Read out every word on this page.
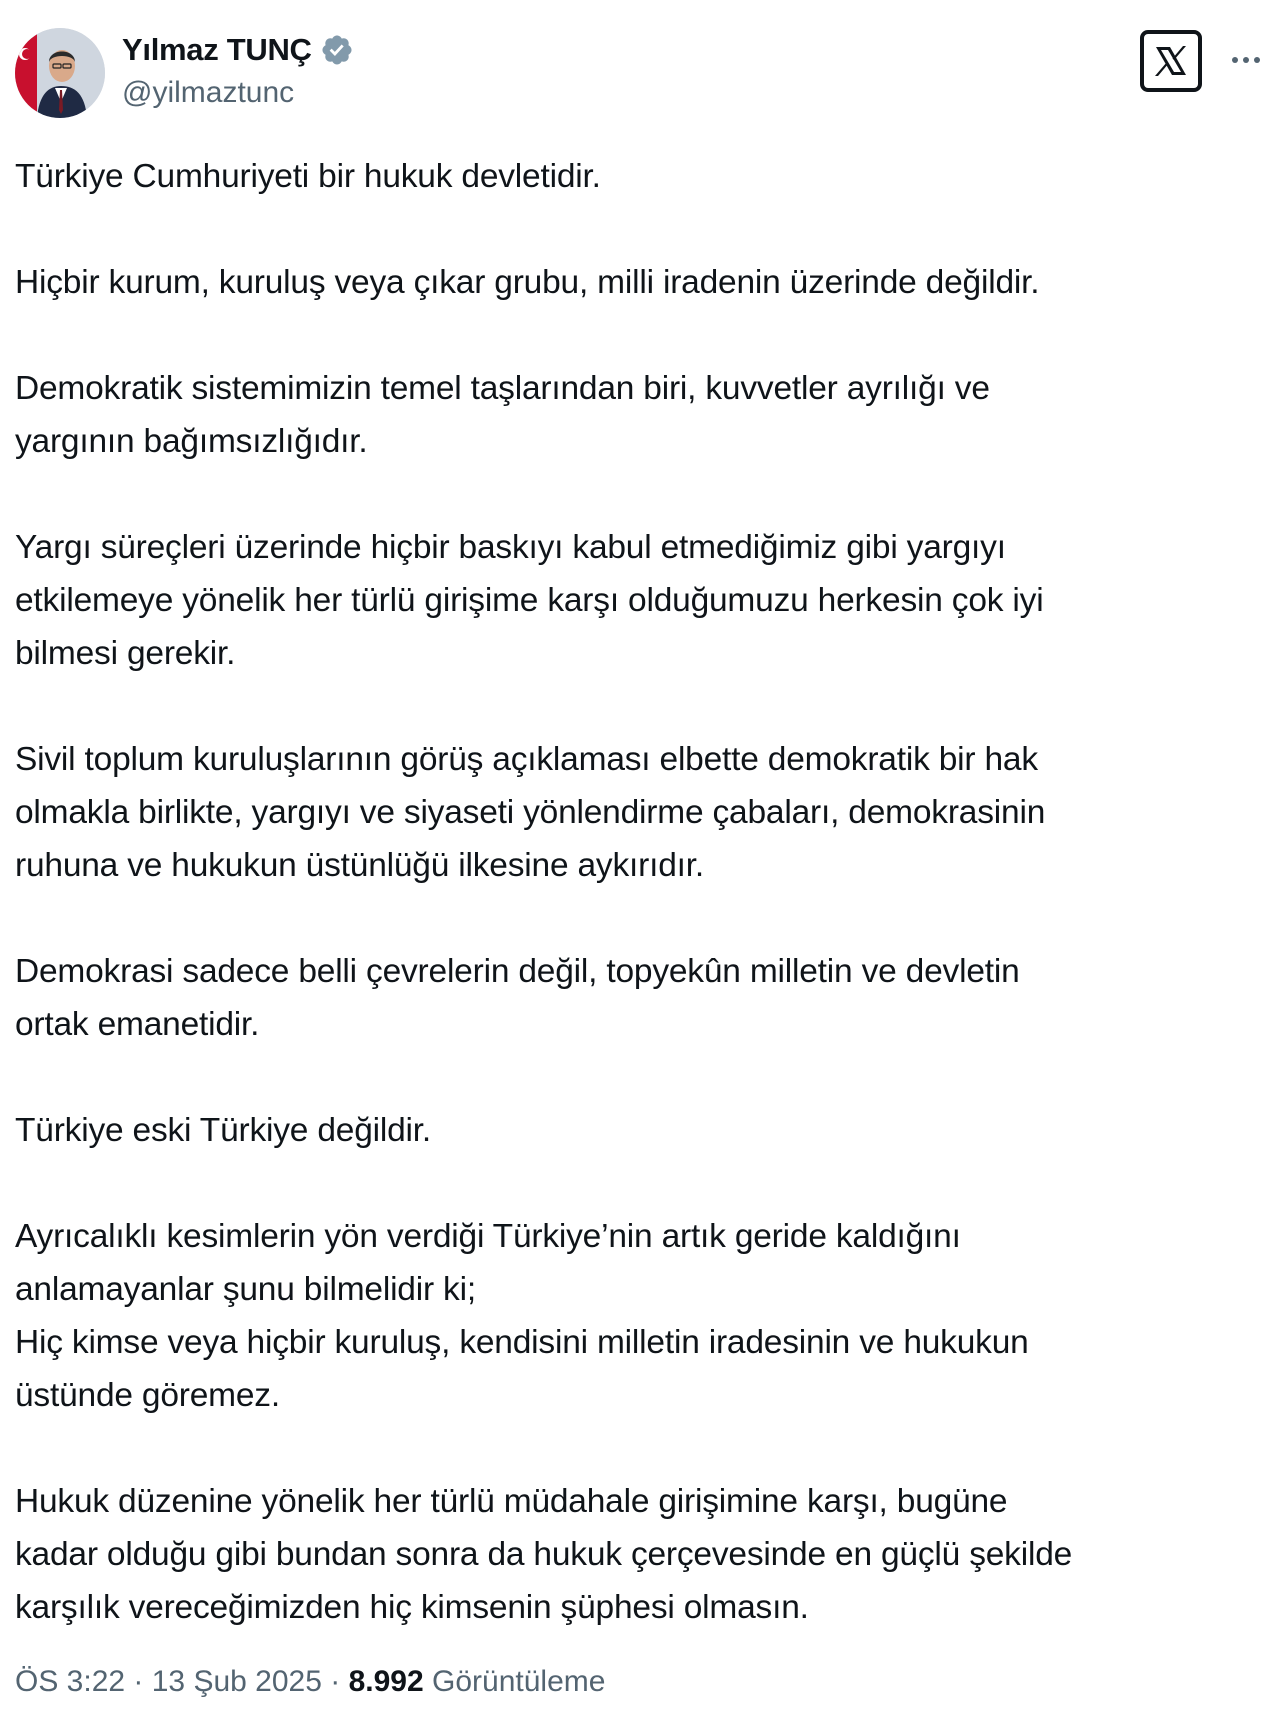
Yılmaz TUNÇ
@yilmaztunc

Türkiye Cumhuriyeti bir hukuk devletidir.

Hiçbir kurum, kuruluş veya çıkar grubu, milli iradenin üzerinde değildir.

Demokratik sistemimizin temel taşlarından biri, kuvvetler ayrılığı ve
yargının bağımsızlığıdır.

Yargı süreçleri üzerinde hiçbir baskıyı kabul etmediğimiz gibi yargıyı
etkilemeye yönelik her türlü girişime karşı olduğumuzu herkesin çok iyi
bilmesi gerekir.

Sivil toplum kuruluşlarının görüş açıklaması elbette demokratik bir hak
olmakla birlikte, yargıyı ve siyaseti yönlendirme çabaları, demokrasinin
ruhuna ve hukukun üstünlüğü ilkesine aykırıdır.

Demokrasi sadece belli çevrelerin değil, topyekûn milletin ve devletin
ortak emanetidir.

Türkiye eski Türkiye değildir.

Ayrıcalıklı kesimlerin yön verdiği Türkiye’nin artık geride kaldığını
anlamayanlar şunu bilmelidir ki;
Hiç kimse veya hiçbir kuruluş, kendisini milletin iradesinin ve hukukun
üstünde göremez.

Hukuk düzenine yönelik her türlü müdahale girişimine karşı, bugüne
kadar olduğu gibi bundan sonra da hukuk çerçevesinde en güçlü şekilde
karşılık vereceğimizden hiç kimsenin şüphesi olmasın.

ÖS 3:22 · 13 Şub 2025 · 8.992 Görüntüleme
